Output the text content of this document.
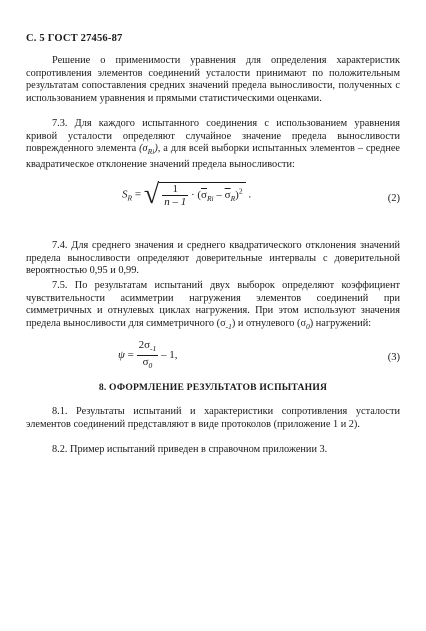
С. 5 ГОСТ 27456-87
Решение о применимости уравнения для определения характеристик сопротивления элементов соединений усталости принимают по положительным результатам сопоставления средних значений предела выносливости, полученных с использованием уравнения и прямыми статистическими оценками.
7.3. Для каждого испытанного соединения с использованием уравнения кривой усталости определяют случайное значение предела выносливости поврежденного элемента $(\sigma_{Ri})$, а для всей выборки испытанных элементов – среднее квадратическое отклонение значений предела выносливости:
$S_R$ = √ $\frac{1}{n - 1} \cdot (\overline{\sigma}_{Ri} - \overline{\sigma}_R)^2$ .	(2)
7.4. Для среднего значения и среднего квадратического отклонения значений предела выносливости определяют доверительные интервалы с доверительной вероятностью 0,95 и 0,99.
7.5. По результатам испытаний двух выборок определяют коэффициент чувствительности асимметрии нагружения элементов соединений при симметричных и отнулевых циклах нагружения. При этом используют значения предела выносливости для симметричного $(\sigma_{-1})$ и отнулевого $(\sigma_0)$ нагружений:
$\psi = \frac{2\sigma_{-1}}{\overline{\sigma}_0} - 1$,	(3)
8. ОФОРМЛЕНИЕ РЕЗУЛЬТАТОВ ИСПЫТАНИЯ
8.1. Результаты испытаний и характеристики сопротивления усталости элементов соединений представляют в виде протоколов (приложение 1 и 2).
8.2. Пример испытаний приведен в справочном приложении 3.
